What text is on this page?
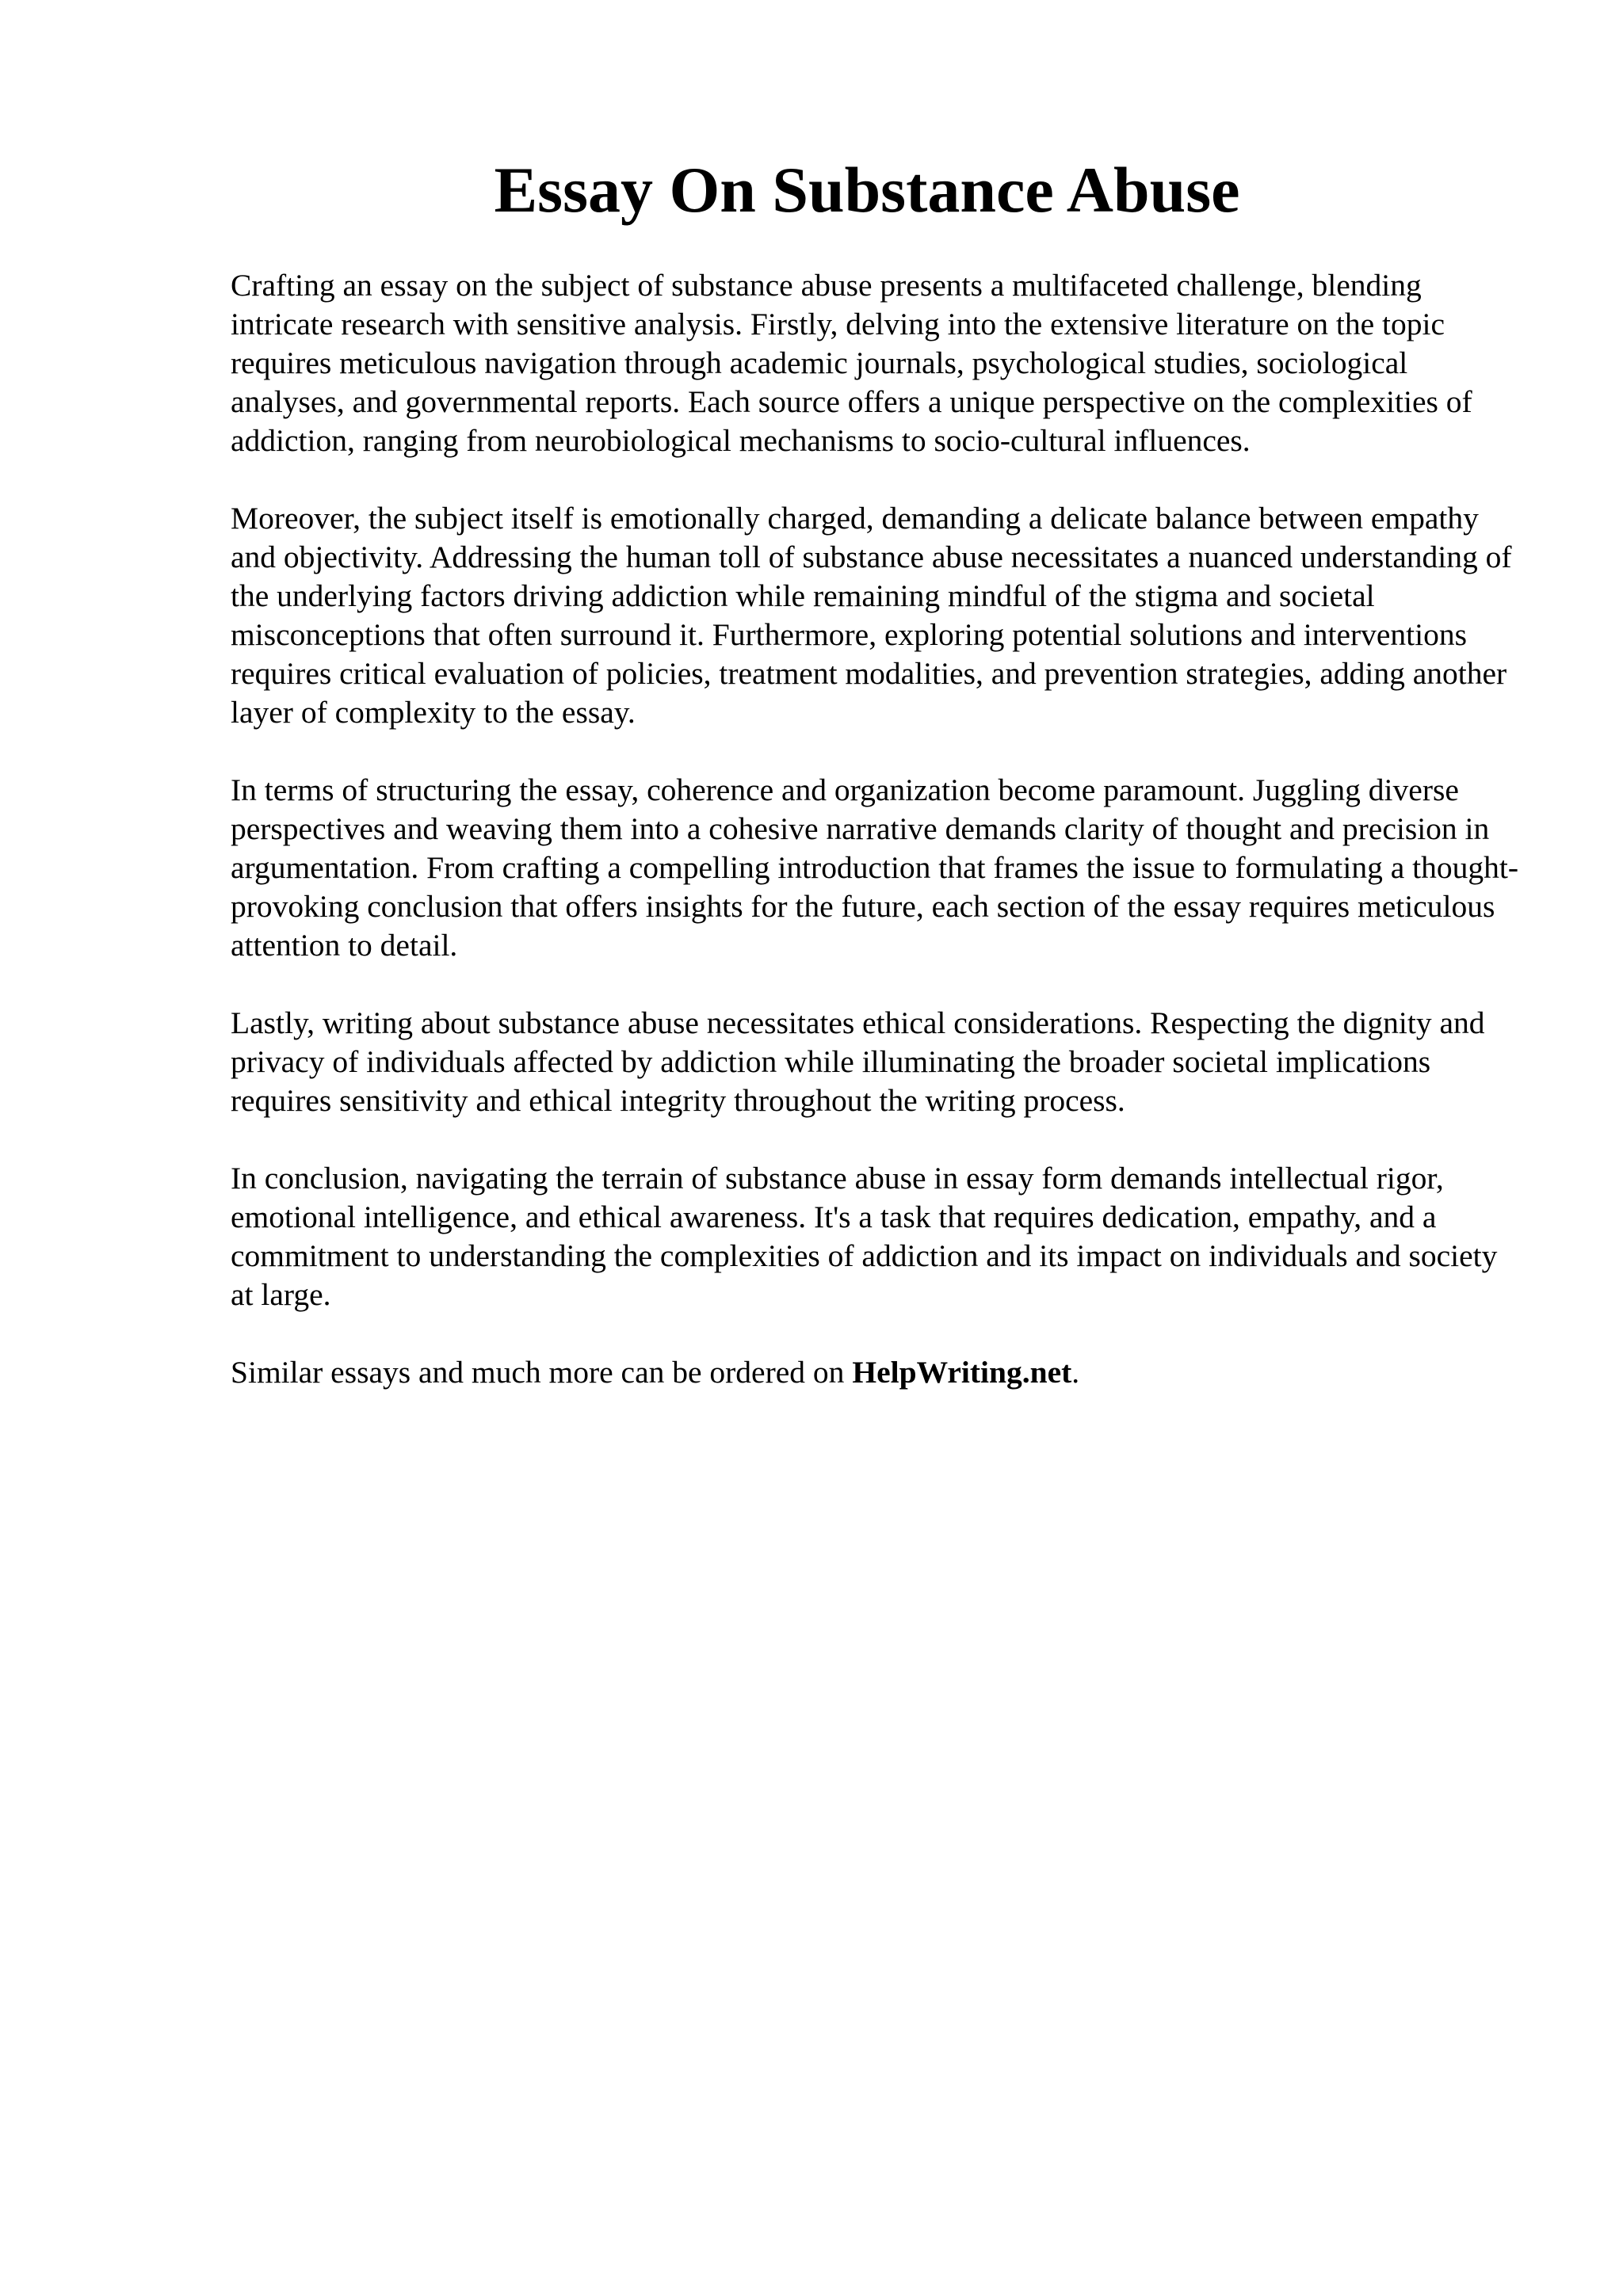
Essay On Substance Abuse

Crafting an essay on the subject of substance abuse presents a multifaceted challenge, blending intricate research with sensitive analysis. Firstly, delving into the extensive literature on the topic requires meticulous navigation through academic journals, psychological studies, sociological analyses, and governmental reports. Each source offers a unique perspective on the complexities of addiction, ranging from neurobiological mechanisms to socio-cultural influences.

Moreover, the subject itself is emotionally charged, demanding a delicate balance between empathy and objectivity. Addressing the human toll of substance abuse necessitates a nuanced understanding of the underlying factors driving addiction while remaining mindful of the stigma and societal misconceptions that often surround it. Furthermore, exploring potential solutions and interventions requires critical evaluation of policies, treatment modalities, and prevention strategies, adding another layer of complexity to the essay.

In terms of structuring the essay, coherence and organization become paramount. Juggling diverse perspectives and weaving them into a cohesive narrative demands clarity of thought and precision in argumentation. From crafting a compelling introduction that frames the issue to formulating a thought-provoking conclusion that offers insights for the future, each section of the essay requires meticulous attention to detail.

Lastly, writing about substance abuse necessitates ethical considerations. Respecting the dignity and privacy of individuals affected by addiction while illuminating the broader societal implications requires sensitivity and ethical integrity throughout the writing process.

In conclusion, navigating the terrain of substance abuse in essay form demands intellectual rigor, emotional intelligence, and ethical awareness. It's a task that requires dedication, empathy, and a commitment to understanding the complexities of addiction and its impact on individuals and society at large.

Similar essays and much more can be ordered on HelpWriting.net.
